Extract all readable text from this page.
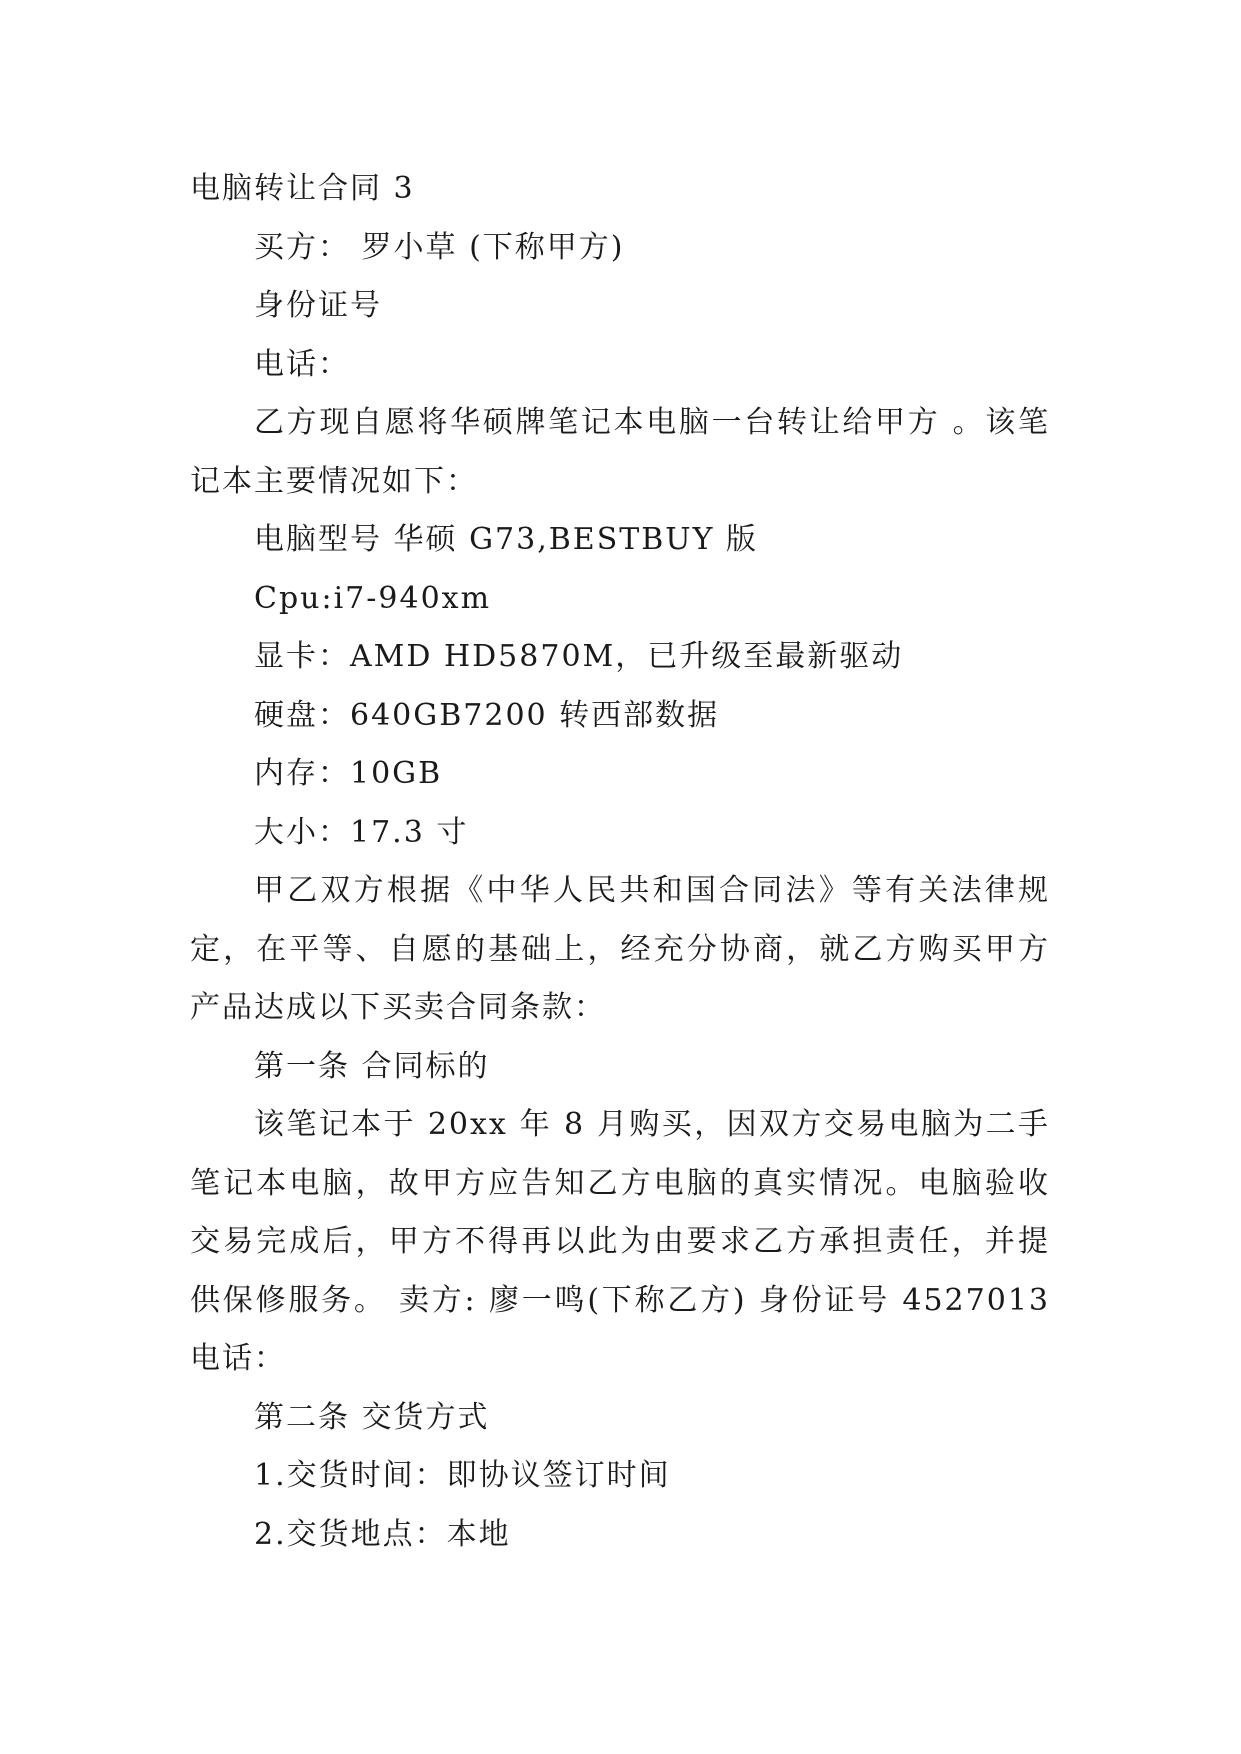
电脑转让合同 3

买方： 罗小草 (下称甲方)

身份证号

电话：

乙方现自愿将华硕牌笔记本电脑一台转让给甲方 。该笔记本主要情况如下：

电脑型号 华硕 G73,BESTBUY 版

Cpu:i7-940xm

显卡：AMD HD5870M，已升级至最新驱动

硬盘：640GB7200 转西部数据

内存：10GB

大小：17.3 寸

甲乙双方根据《中华人民共和国合同法》等有关法律规定，在平等、自愿的基础上，经充分协商，就乙方购买甲方产品达成以下买卖合同条款：

第一条 合同标的

该笔记本于 20xx 年 8 月购买，因双方交易电脑为二手笔记本电脑，故甲方应告知乙方电脑的真实情况。电脑验收交易完成后，甲方不得再以此为由要求乙方承担责任，并提供保修服务。 卖方: 廖一鸣(下称乙方) 身份证号 4527013 电话：

第二条 交货方式

1.交货时间：即协议签订时间

2.交货地点：本地
